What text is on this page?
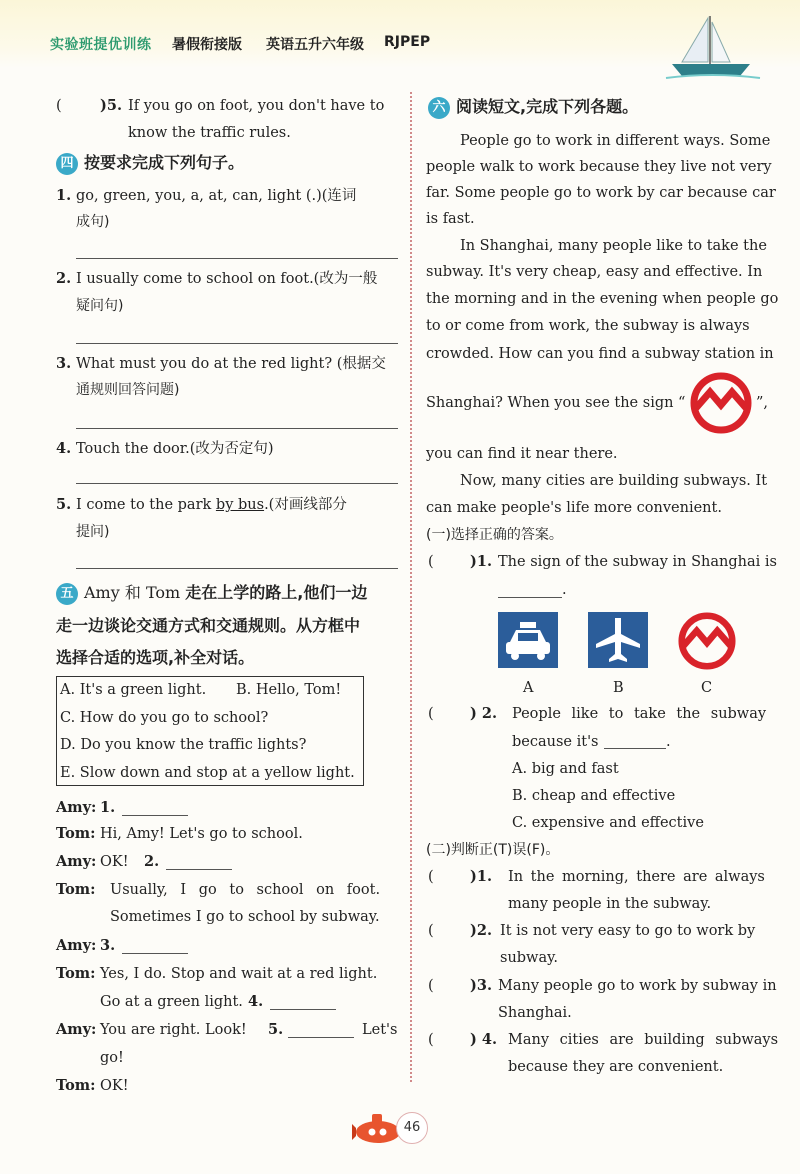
实验班提优训练 暑假衔接版 英语五升六年级 RJPEP
(	)5. If you go on foot, you don't have to
know the traffic rules.
四 按要求完成下列句子。
1. go, green, you, a, at, can, light (.)(连词
成句)
2. I usually come to school on foot.(改为一般
疑问句)
3. What must you do at the red light? (根据交
通规则回答问题)
4. Touch the door.(改为否定句)
5. I come to the park by bus.(对画线部分
提问)
五 Amy 和 Tom 走在上学的路上,他们一边
走一边谈论交通方式和交通规则。从方框中
选择合适的选项,补全对话。
A. It's a green light. B. Hello, Tom!
C. How do you go to school?
D. Do you know the traffic lights?
E. Slow down and stop at a yellow light.
Amy: 1.
Tom: Hi, Amy! Let's go to school.
Amy: OK! 2.
Tom: Usually, I go to school on foot.
Sometimes I go to school by subway.
Amy: 3.
Tom: Yes, I do. Stop and wait at a red light.
Go at a green light. 4.
Amy: You are right. Look! 5.	Let's
go!
Tom: OK!
六 阅读短文,完成下列各题。
People go to work in different ways. Some
people walk to work because they live not very
far. Some people go to work by car because car
is fast.
In Shanghai, many people like to take the
subway. It's very cheap, easy and effective. In
the morning and in the evening when people go
to or come from work, the subway is always
crowded. How can you find a subway station in
Shanghai? When you see the sign “	”,
you can find it near there.
Now, many cities are building subways. It
can make people's life more convenient.
(一)选择正确的答案。
(	)1. The sign of the subway in Shanghai is
.
A	B	C
(	) 2. People like to take the subway
because it's	.
A. big and fast
B. cheap and effective
C. expensive and effective
(二)判断正(T)误(F)。
(	)1. In the morning, there are always
many people in the subway.
(	)2. It is not very easy to go to work by
subway.
(	)3. Many people go to work by subway in
Shanghai.
(	) 4. Many cities are building subways
because they are convenient.
46
